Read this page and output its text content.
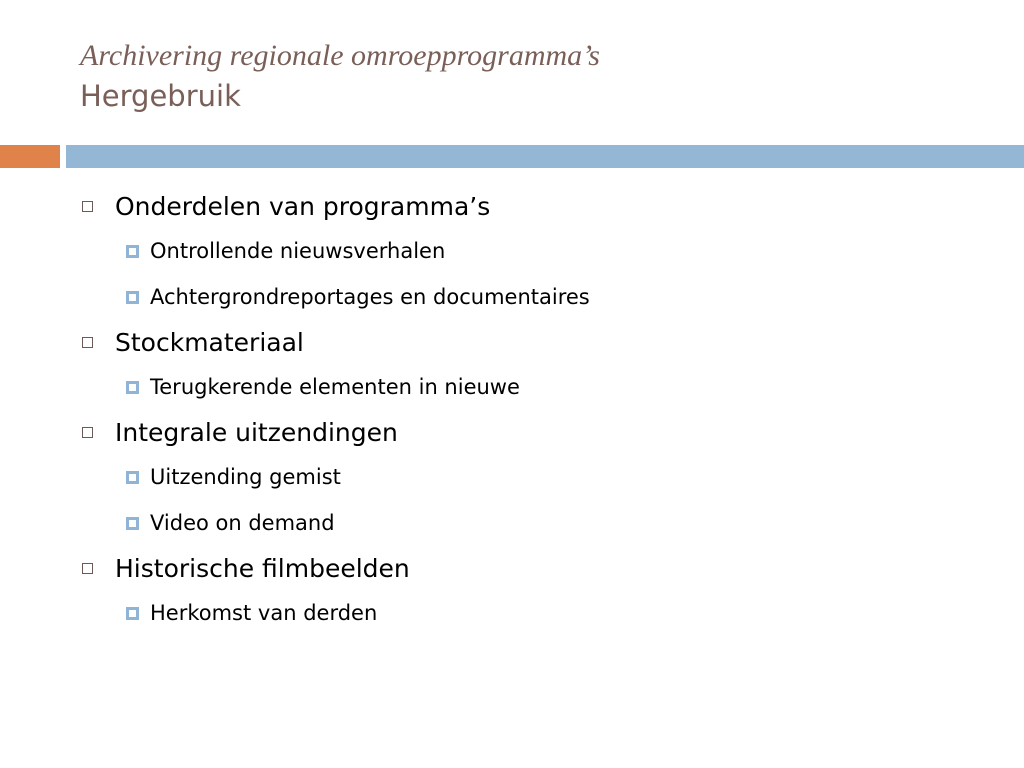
Archivering regionale omroepprogramma’s
Hergebruik
Onderdelen van programma’s
Ontrollende nieuwsverhalen
Achtergrondreportages en documentaires
Stockmateriaal
Terugkerende elementen in nieuwe
Integrale uitzendingen
Uitzending gemist
Video on demand
Historische filmbeelden
Herkomst van derden
